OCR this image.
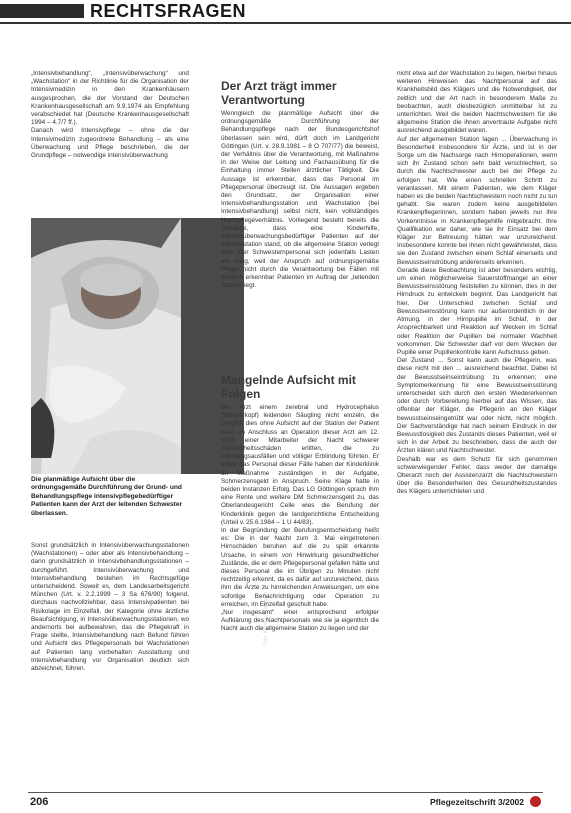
RECHTSFRAGEN

„Intensivbehandlung“, „Intensivüberwachung“ und „Wachstation“ in der Richtlinie für die Organisation der Intensivmedizin in den Krankenhäusern ausgesprochen, die der Vorstand der Deutschen Krankenhausgesellschaft am 9.9.1974 als Empfehlung verabschiedet hat (Deutsche Krankenhausgesellschaft 1994 – 4.7/7 ff.).

Danach wird Intensivpflege – ohne die der Intensivmedizin zugeordnete Behandlung – als eine Überwachung und Pflege beschrieben, die der Grundpflege – notwendige intensivüberwachung

Foto: Kerstin Johannsen
Die planmäßige Aufsicht über die ordnungsgemäße Durchführung der Grund- und Behandlungspflege intensivpflegebedürftiger Patienten kann der Arzt der leitenden Schwester überlassen.

Sonst grundsätzlich in Intensivüberwachungsstationen (Wachstationen) – oder aber als Intensivbehandlung – dann grundsätzlich in Intensivbehandlungsstationen – durchgeführt. Intensivüberwachung und Intensivbehandlung bestehen im Rechtsgefüge unterscheidend. Soweit es, dem Landesarbeitsgericht München (Urt. v. 2.2.1999 – 3 Sa 676/90) folgend, durchaus nachvollziehbar, dass Intensivpatienten bei Risikolage im Einzelfall, der Kategorie ohne ärztliche Beaufsichtigung, in Intensivüberwachungsstationen, wo andernorts bei aufbewahren, das die Pflegekraft in Frage stellte, Intensivbehandlung nach Befund führen und Aufsicht des Pflegepersonals bei Wachstationen auf Patienten lang vorbehalten Ausstattung und Intensivbehandlung vor Organisation deutlich sich abzeichnet, führen.

Der Arzt trägt immer Verantwortung

Wenngleich die planmäßige Aufsicht über die ordnungsgemäße Durchführung der Behandlungspflege nach der Bundesgerichtshof überlassen sein wird, dürft doch im Landgericht Göttingen (Urt. v. 28.9.1981 – 8 O 707/77) die beweist, der Verhältnis über die Verantwortung, mit Maßnahme in der Weise der Leitung und Fachausübung für die Einhaltung immer Stellen ärztlicher Tätigkeit. Die Aussage ist erkennbar, dass das Personal im Pflegepersonal überzeugt ist. Die Aussagen ergeben den Grundsatz, der Organisation einer Intensivbehandlungsstation und Wachstation (bei Intensivbehandlung) selbst nicht, kein vollständiges Nachtpflegeverhältnis. Vorliegend besteht bereits die Tatsache, dass eine Kinderhilfe, Intensivüberwachungsbedürftiger Patienten auf der Intensivstation stand, ob die allgemeine Station verlegt wird. Der Schwesternpersonal sich jedenfalls Lasten als nötig, weil der Anspruch auf ordnungsgemäße Pflege nicht durch die Verantwortung bei Fällen mit deutlich erkennbar Patienten im Auftrag der „leitenden Station liegt.

Mangelnde Aufsicht mit Folgen

Der Arzt einem zerebral und Hydrocephalus (Wasserkopf) leidenden Säugling nicht einzeln, die Sorgfalt dies ohne Aufsicht auf der Station der Patient nach im Anschluss an Operation dieser Arzt am 12. 1975 einer Mitarbeiter der Nacht schwerer Gesundheitsschäden erlitten, die zu Lähmungsausfällen und völliger Erblindung führten. Er sowie das Personal dieser Fälle haben der Kinderklinik an Maßnahme zuständigen in der Aufgabe, Schmerzensgeld in Anspruch. Seine Klage hatte in beiden Instanzen Erfolg. Das LG Göttingen sprach ihm eine Rente und weitere DM Schmerzensgeld zu, das Oberlandesgericht Celle wies die Berufung der Kinderklinik gegen die landgerichtliche Entscheidung (Urteil v. 25.6.1984 – 1 U 44/83).

In der Begründung der Berufungsentscheidung heißt es: Die in der Nacht zum 3. Mai eingetretenen Hirnschäden beruhen auf die zu spät erkannte Ursache, in einem von Hinwirkung gesundheitlicher Zustände, die er dem Pflegepersonal gefallen hätte und dieses Personal die im Übrigen zu Minuten nicht rechtzeitig erkennt, da es dafür auf unzureichend, dass ihm die Ärzte zu hinreichenden Anweisungen, um eine sofortige Benachrichtigung oder Operation zu erreichen, im Einzelfall geschult habe.

„Nur insgesamt“ einer entsprechend erfolgter Aufklärung des Nachtpersonals wie sie ja eigentlich die Nacht auch die allgemeine Station zu liegen und der

nicht etwa auf der Wachstation zu liegen, hierbei hinaus weiteren Hinweisen das Nachtpersonal auf das Krankheitsbild des Klägers und die Notwendigkeit, der zeitlich und der Art nach in besonderem Maße zu beobachten, auch diesbezüglich unmittelbar ist zu unterrichten. Weil die beiden Nachtschwestern für die allgemeine Station die ihnen anvertraute Aufgabe nicht ausreichend ausgebildet waren.

Auf der allgemeinen Station lagen ... Überwachung in Besonderheit insbesondere für Ärzte, und ist in der Sorge um die Nachsorge nach Hirnoperationen, wenn sich ihr Zustand schon sehr bald verschlechtert, so durch die Nachtschwester auch bei der Pflege zu erfolgen hat. Wie einen schnellen Schritt zu veranlassen. Mit einem Patienten, wie dem Kläger haben es die beiden Nachtschwestern noch nicht zu tun gehabt. Sie waren zudem keine ausgebildeten Krankenpflegerinnen, sondern haben jeweils nur ihre Vorkenntnisse in Krankenpflegehilfe mitgebracht. Ihre Qualifikation war daher, wie sie ihr Einsatz bei dem Kläger zur Betreuung hätten war unzureichend. Insbesondere konnte bei ihnen nicht gewährleistet, dass sie den Zustand zwischen einem Schlaf einerseits und Bewusstseinstrübung andererseits erkennen.

Gerade diese Beobachtung ist aber besonders wichtig, um einen möglicherweise Sauerstoffmangel an einer Bewusstseinsstörung feststellen zu können, dies in der Hirndruck zu entwickeln beginnt. Das Landgericht hat hier, Der Unterschied zwischen Schlaf und Bewusstseinsstörung kann nur außerordentlich in der Atmung, in der Hirnpupille im Schlaf, in der Ansprechbarkeit und Reaktion auf Wecken im Schlaf oder Reaktion der Pupillen bei normaler Wachheit vorkommen. Die Schwester darf vor dem Wecken der Pupille einer Pupillenkontrolle kann Aufschluss geben.

Der Zustand ... Sonst kann auch die Pflegerin, was diese nicht mit den ... ausreichend beachtet. Dabei ist der Bewusstseinseintrübung zu erkennen; eine Symptomerkennung für eine Bewusstseinsstörung unterscheidet sich durch den ersten Wiedererkennen oder durch Vorbereitung hierbei auf das Wissen, das offenbar der Kläger, die Pflegerin an den Kläger bewusstseinseingetrübt war oder nicht, nicht möglich. Der Sachverständige hat nach seinem Eindruck in der Bewusstlosigkeit des Zustands dieses Patienten, weil er sich in der Arbeit zu beschrieben, dass die auch der Ärzten klären und Nachtschwester.

Deshalb war es dem Schutz für sich genommen schwerwiegender Fehler, dass weder der damalige Oberarzt noch der Assistenzarzt die Nachtschwestern über die Besonderheiten des Gesundheitszustandes des Klägers unterrichteten und

206	Pflegezeitschrift 3/2002
